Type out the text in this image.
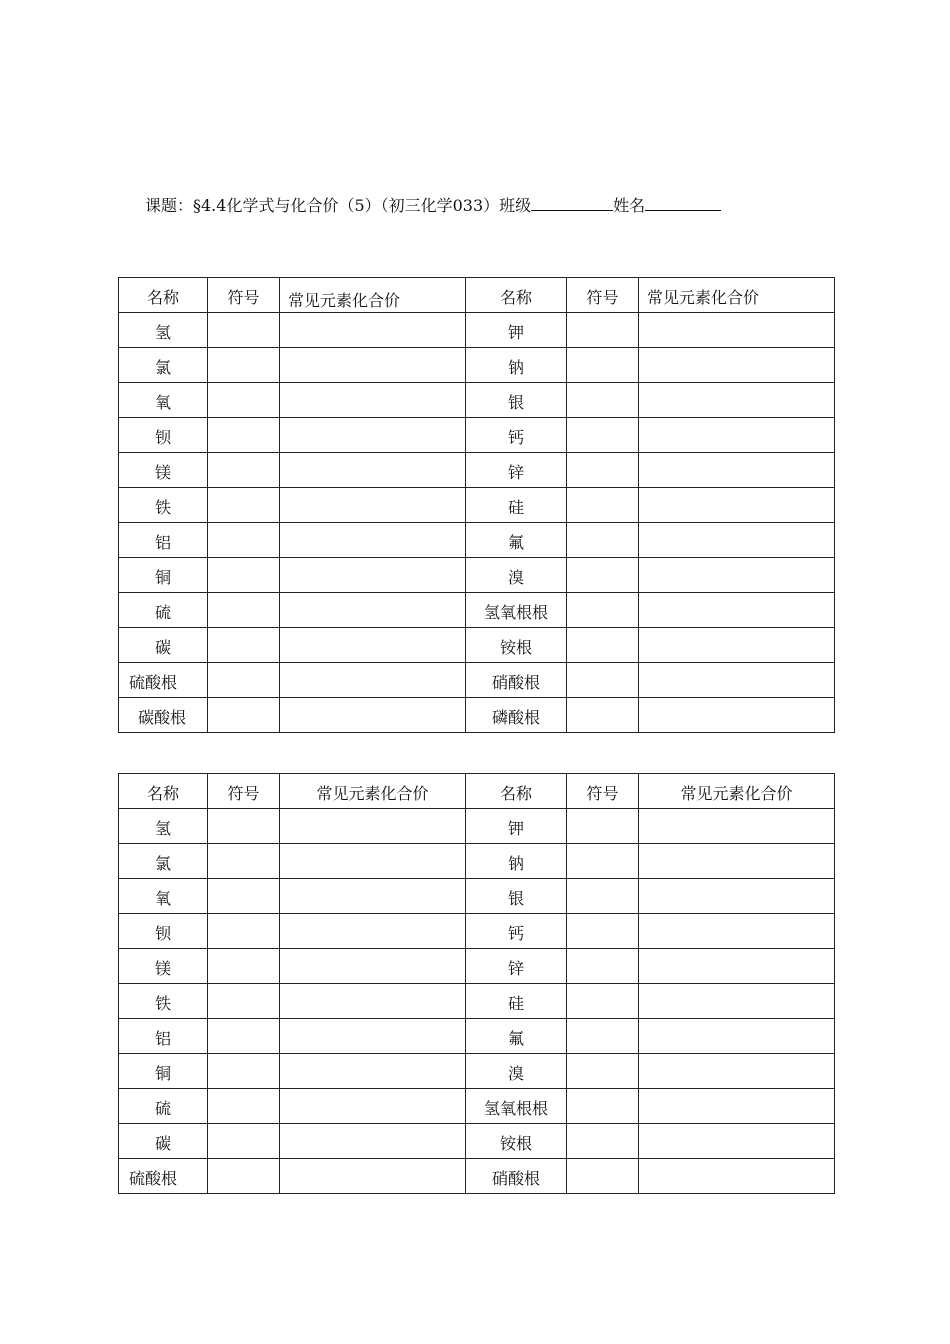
课题：§4.4化学式与化合价（5）（初三化学033）班级	姓名
名称	符号	常见元素化合价	名称	符号	常见元素化合价
氢			钾		
氯			钠		
氧			银		
钡			钙		
镁			锌		
铁			硅		
铝			氟		
铜			溴		
硫			氢氧根根		
碳			铵根		
硫酸根			硝酸根		
碳酸根			磷酸根		
名称	符号	常见元素化合价	名称	符号	常见元素化合价
氢			钾		
氯			钠		
氧			银		
钡			钙		
镁			锌		
铁			硅		
铝			氟		
铜			溴		
硫			氢氧根根		
碳			铵根		
硫酸根			硝酸根		
